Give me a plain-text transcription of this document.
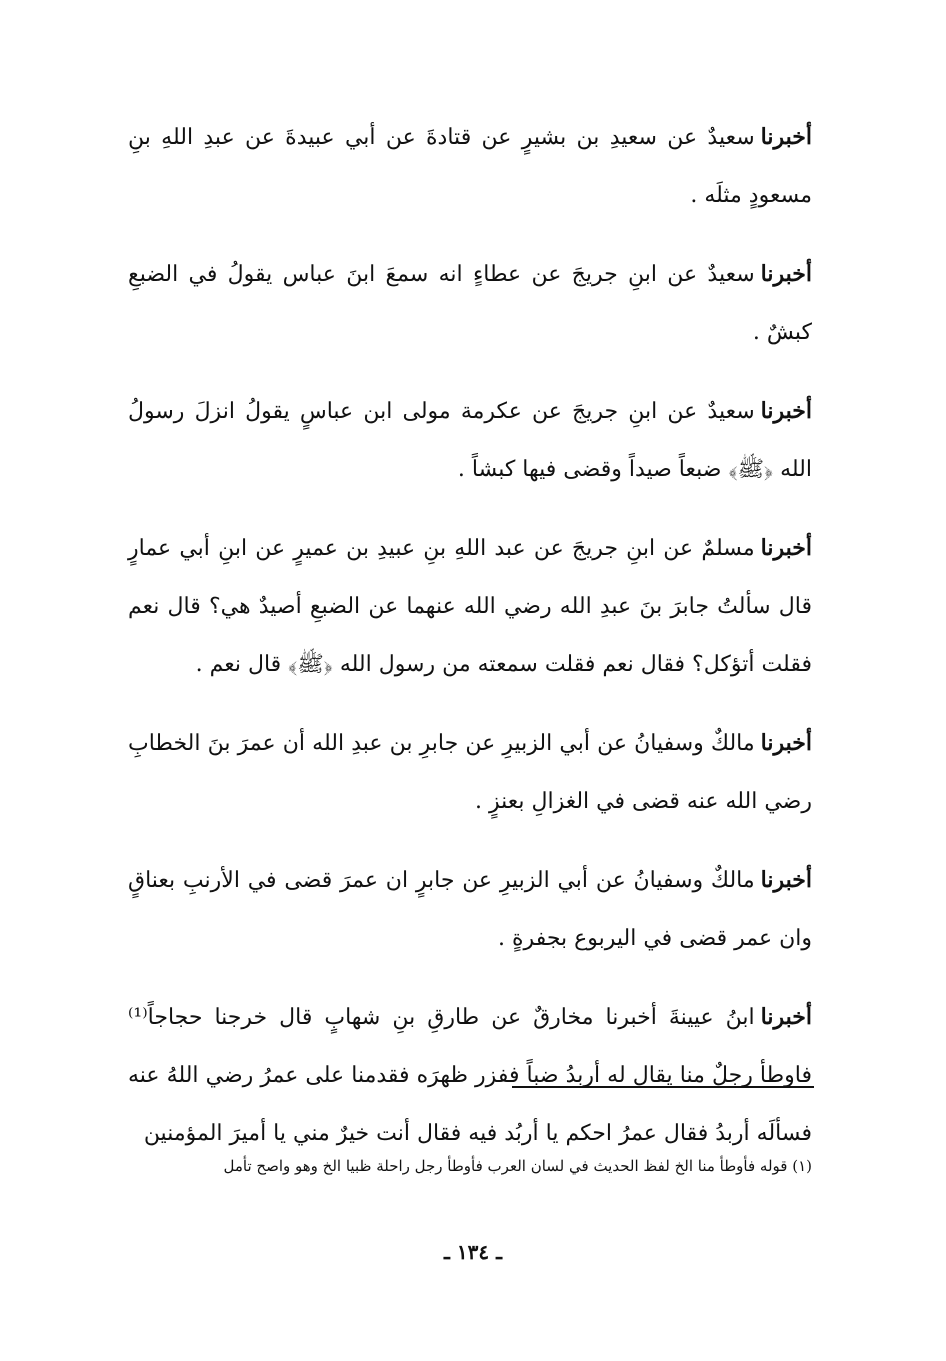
أخبرناسعيدٌ عن سعيدِ بن بشيرٍ عن قتادةَ عن أبي عبيدةَ عن عبدِ اللهِ بنِ مسعودٍ مثلَه .

أخبرناسعيدٌ عن ابنِ جريجَ عن عطاءٍ انه سمعَ ابنَ عباس يقولُ في الضبعِ كبشٌ .

أخبرناسعيدٌ عن ابنِ جريجَ عن عكرمة مولى ابن عباسٍ يقولُ انزلَ رسولُ الله ﴿ﷺ﴾ ضبعاً صيداً وقضى فيها كبشاً .

أخبرنامسلمٌ عن ابنِ جريجَ عن عبد اللهِ بنِ عبيدِ بن عميرٍ عن ابنِ أبي عمارٍ قال سألتُ جابرَ بنَ عبدِ الله رضي الله عنهما عن الضبعِ أصيدٌ هي؟ قال نعم فقلت أتؤكل؟ فقال نعم فقلت سمعته من رسول الله ﴿ﷺ﴾ قال نعم .

أخبرنامالكٌ وسفيانُ عن أبي الزبيرِ عن جابرِ بن عبدِ الله أن عمرَ بنَ الخطابِ رضي الله عنه قضى في الغزالِ بعنزٍ .

أخبرنامالكٌ وسفيانُ عن أبي الزبيرِ عن جابرٍ ان عمرَ قضى في الأرنبِ بعناقٍ وان عمر قضى في اليربوع بجفرةٍ .

أخبرناابنُ عيينةَ أخبرنا مخارقٌ عن طارقِ بنِ شهابٍ قال خرجنا حجاجاً⁽¹⁾ فاوطأ رجلٌ منا يقال له أربدُ ضباً ففزر ظهرَه فقدمنا على عمرُ رضي اللهُ عنه فسألَه أربدُ فقال عمرُ احكم يا أربُد فيه فقال أنت خيرٌ مني يا أميرَ المؤمنين

(١) قوله فأوطأ منا الخ لفظ الحديث في لسان العرب فأوطأ رجل راحلة ظبيا الخ وهو واصح تأمل
ـ ١٣٤ ـ
